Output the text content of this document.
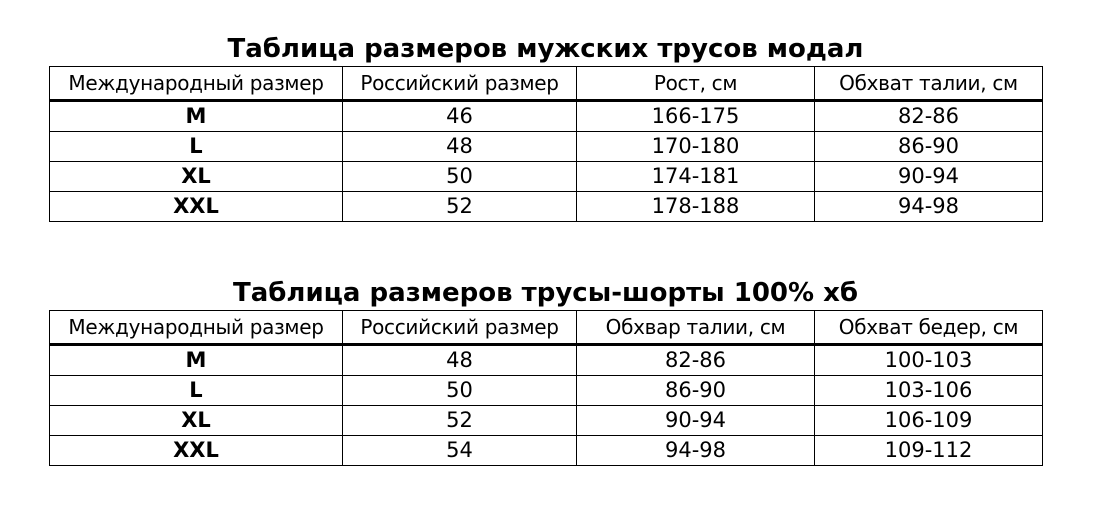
Таблица размеров мужских трусов модал
Международный размер	Российский размер	Рост, см	Обхват талии, см
M	46	166-175	82-86
L	48	170-180	86-90
XL	50	174-181	90-94
XXL	52	178-188	94-98
Таблица размеров трусы-шорты 100% хб
Международный размер	Российский размер	Обхвар талии, см	Обхват бедер, см
M	48	82-86	100-103
L	50	86-90	103-106
XL	52	90-94	106-109
XXL	54	94-98	109-112
